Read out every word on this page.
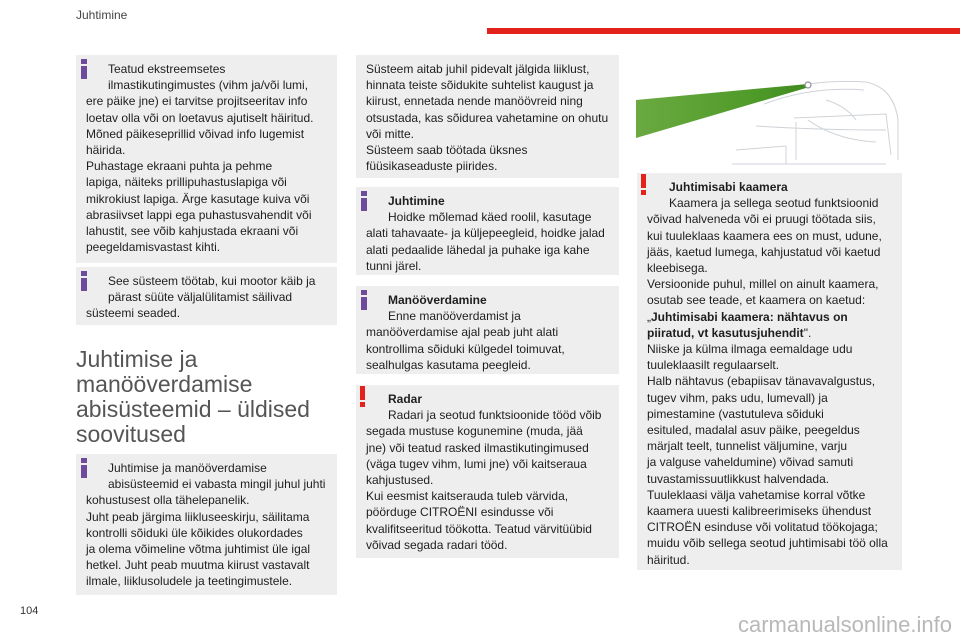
Juhtimine
Teatud ekstreemsetes
ilmastikutingimustes (vihm ja/või lumi,
ere päike jne) ei tarvitse projitseeritav info
loetav olla või on loetavus ajutiselt häiritud.
Mõned päikeseprillid võivad info lugemist
häirida.
Puhastage ekraani puhta ja pehme
lapiga, näiteks prillipuhastuslapiga või
mikrokiust lapiga. Ärge kasutage kuiva või
abrasiivset lappi ega puhastusvahendit või
lahustit, see võib kahjustada ekraani või
peegeldamisvastast kihti.
See süsteem töötab, kui mootor käib ja
pärast süüte väljalülitamist säilivad
süsteemi seaded.
Juhtimise ja manööverdamise abisüsteemid – üldised soovitused
Juhtimise ja manööverdamise
abisüsteemid ei vabasta mingil juhul juhti
kohustusest olla tähelepanelik.
Juht peab järgima liikluseeskirju, säilitama
kontrolli sõiduki üle kõikides olukordades
ja olema võimeline võtma juhtimist üle igal
hetkel. Juht peab muutma kiirust vastavalt
ilmale, liiklusoludele ja teetingimustele.
Süsteem aitab juhil pidevalt jälgida liiklust,
hinnata teiste sõidukite suhtelist kaugust ja
kiirust, ennetada nende manöövreid ning
otsustada, kas sõidurea vahetamine on ohutu
või mitte.
Süsteem saab töötada üksnes
füüsikaseaduste piirides.
Juhtimine
Hoidke mõlemad käed roolil, kasutage
alati tahavaate- ja küljepeegleid, hoidke jalad
alati pedaalide lähedal ja puhake iga kahe
tunni järel.
Manööverdamine
Enne manööverdamist ja
manööverdamise ajal peab juht alati
kontrollima sõiduki külgedel toimuvat,
sealhulgas kasutama peegleid.
Radar
Radari ja seotud funktsioonide tööd võib
segada mustuse kogunemine (muda, jää
jne) või teatud rasked ilmastikutingimused
(väga tugev vihm, lumi jne) või kaitseraua
kahjustused.
Kui eesmist kaitserauda tuleb värvida,
pöörduge CITROËNI esindusse või
kvalifitseeritud töökotta. Teatud värvitüübid
võivad segada radari tööd.
Juhtimisabi kaamera
Kaamera ja sellega seotud funktsioonid
võivad halveneda või ei pruugi töötada siis,
kui tuuleklaas kaamera ees on must, udune,
jääs, kaetud lumega, kahjustatud või kaetud
kleebisega.
Versioonide puhul, millel on ainult kaamera,
osutab see teade, et kaamera on kaetud:
„Juhtimisabi kaamera: nähtavus on
piiratud, vt kasutusjuhendit".
Niiske ja külma ilmaga eemaldage udu
tuuleklaasilt regulaarselt.
Halb nähtavus (ebapiisav tänavavalgustus,
tugev vihm, paks udu, lumevall) ja
pimestamine (vastutuleva sõiduki
esituled, madalal asuv päike, peegeldus
märjalt teelt, tunnelist väljumine, varju
ja valguse vaheldumine) võivad samuti
tuvastamissuutlikkust halvendada.
Tuuleklaasi välja vahetamise korral võtke
kaamera uuesti kalibreerimiseks ühendust
CITROËN esinduse või volitatud töökojaga;
muidu võib sellega seotud juhtimisabi töö olla
häiritud.
104
carmanualsonline.info
